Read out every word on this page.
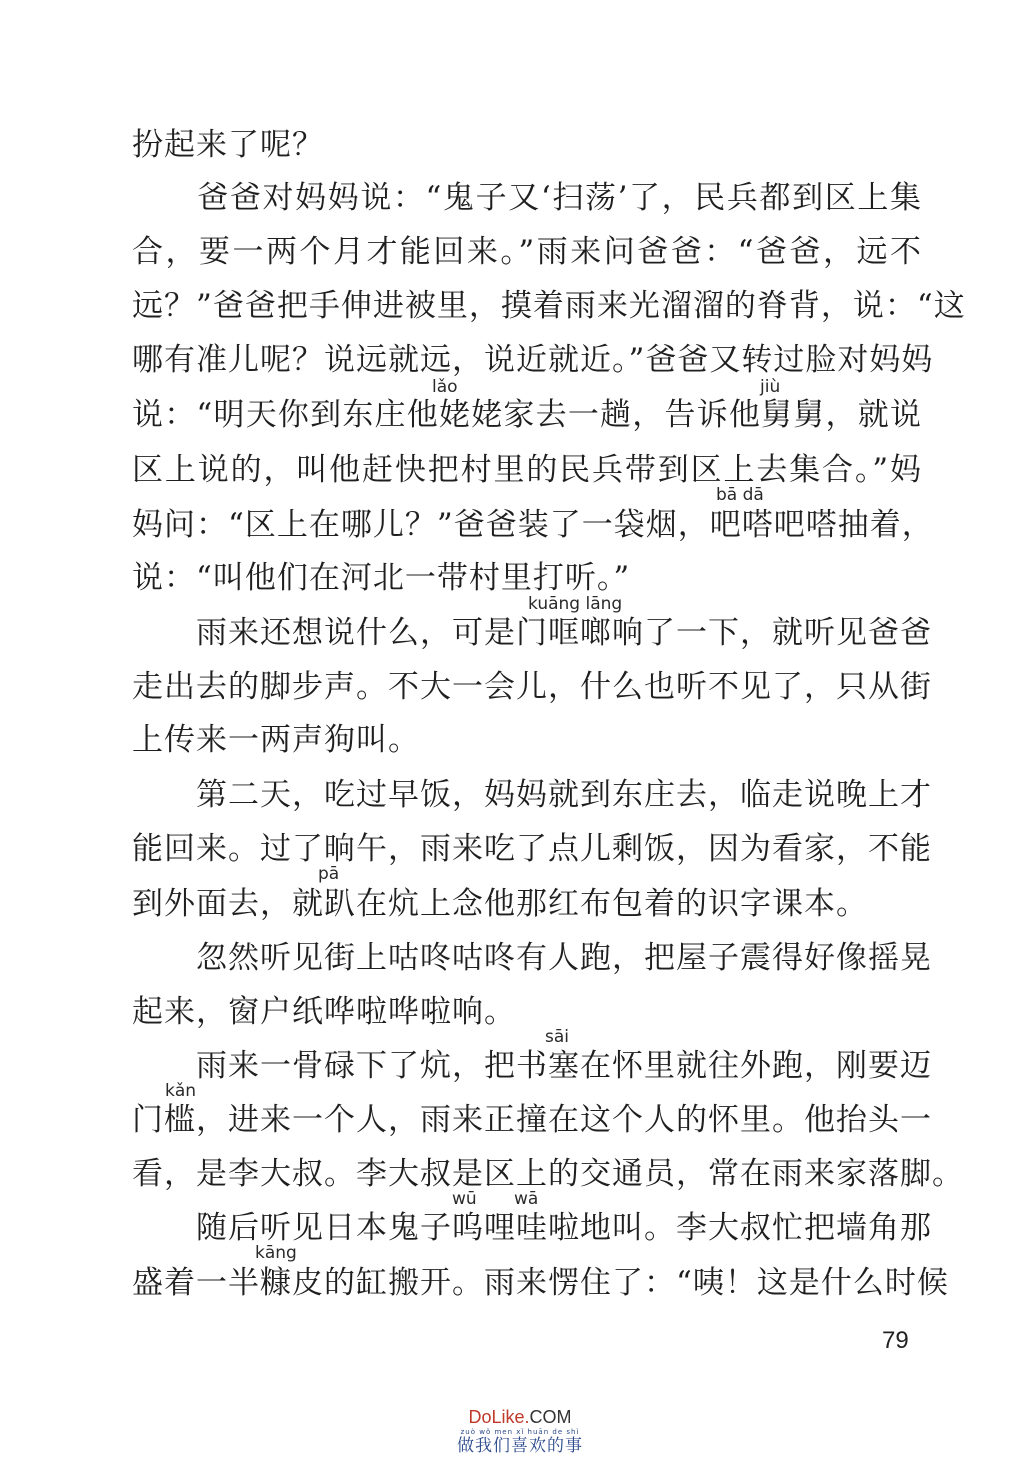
扮起来了呢？
　　爸爸对妈妈说：“鬼子又‘扫荡’了，民兵都到区上集
合，要一两个月才能回来。”雨来问爸爸：“爸爸，远不
远？”爸爸把手伸进被里，摸着雨来光溜溜的脊背，说：“这
哪有准儿呢？说远就远，说近就近。”爸爸又转过脸对妈妈
说：“明天你到东庄他姥姥家去一趟，告诉他舅舅，就说
区上说的，叫他赶快把村里的民兵带到区上去集合。”妈
妈问：“区上在哪儿？”爸爸装了一袋烟，吧嗒吧嗒抽着，
说：“叫他们在河北一带村里打听。”
　　雨来还想说什么，可是门哐啷响了一下，就听见爸爸
走出去的脚步声。不大一会儿，什么也听不见了，只从街
上传来一两声狗叫。
　　第二天，吃过早饭，妈妈就到东庄去，临走说晚上才
能回来。过了晌午，雨来吃了点儿剩饭，因为看家，不能
到外面去，就趴在炕上念他那红布包着的识字课本。
　　忽然听见街上咕咚咕咚有人跑，把屋子震得好像摇晃
起来，窗户纸哗啦哗啦响。
　　雨来一骨碌下了炕，把书塞在怀里就往外跑，刚要迈
门槛，进来一个人，雨来正撞在这个人的怀里。他抬头一
看，是李大叔。李大叔是区上的交通员，常在雨来家落脚。
　　随后听见日本鬼子呜哩哇啦地叫。李大叔忙把墙角那
盛着一半糠皮的缸搬开。雨来愣住了：“咦！这是什么时候
lǎo	jiù
bā dā
kuāng lāng
pā
sāi
kǎn
wū wā
kāng
79
DoLike.COM
zuò wǒ men xǐ huān de shì
做我们喜欢的事
